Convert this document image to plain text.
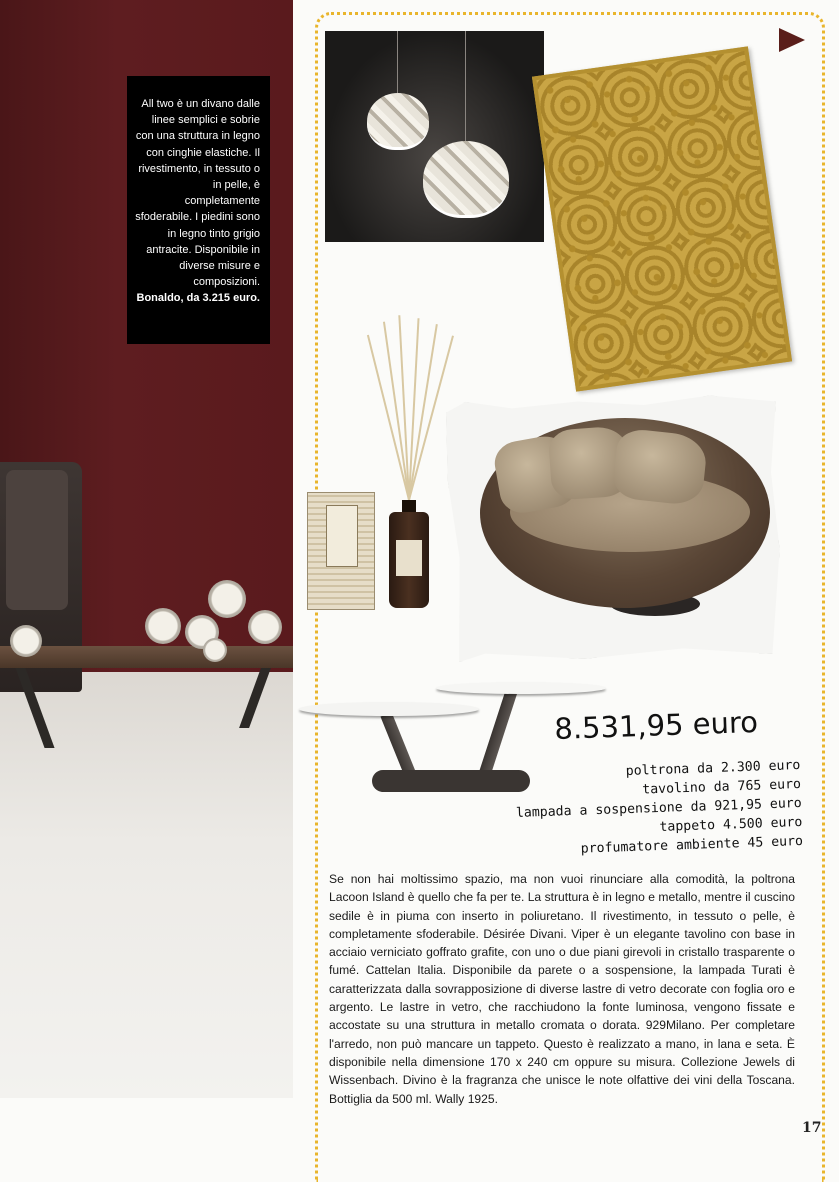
All two è un divano dalle linee semplici e sobrie con una struttura in legno con cinghie elastiche. Il rivestimento, in tessuto o in pelle, è completamente sfoderabile. I piedini sono in legno tinto grigio antracite. Disponibile in diverse misure e composizioni.
Bonaldo, da 3.215 euro.

8.531,95 euro

poltrona da 2.300 euro
tavolino da 765 euro
lampada a sospensione da 921,95 euro
tappeto 4.500 euro
profumatore ambiente 45 euro

Se non hai moltissimo spazio, ma non vuoi rinunciare alla comodità, la poltrona Lacoon Island è quello che fa per te. La struttura è in legno e metallo, mentre il cuscino sedile è in piuma con inserto in poliuretano. Il rivestimento, in tessuto o pelle, è completamente sfoderabile. Désirée Divani. Viper è un elegante tavolino con base in acciaio verniciato goffrato grafite, con uno o due piani girevoli in cristallo trasparente o fumé. Cattelan Italia. Disponibile da parete o a sospensione, la lampada Turati è caratterizzata dalla sovrapposizione di diverse lastre di vetro decorate con foglia oro e argento. Le lastre in vetro, che racchiudono la fonte luminosa, vengono fissate e accostate su una struttura in metallo cromata o dorata. 929Milano. Per completare l'arredo, non può mancare un tappeto. Questo è realizzato a mano, in lana e seta. È disponibile nella dimensione 170 x 240 cm oppure su misura. Collezione Jewels di Wissenbach. Divino è la fragranza che unisce le note olfattive dei vini della Toscana. Bottiglia da 500 ml. Wally 1925.

17
